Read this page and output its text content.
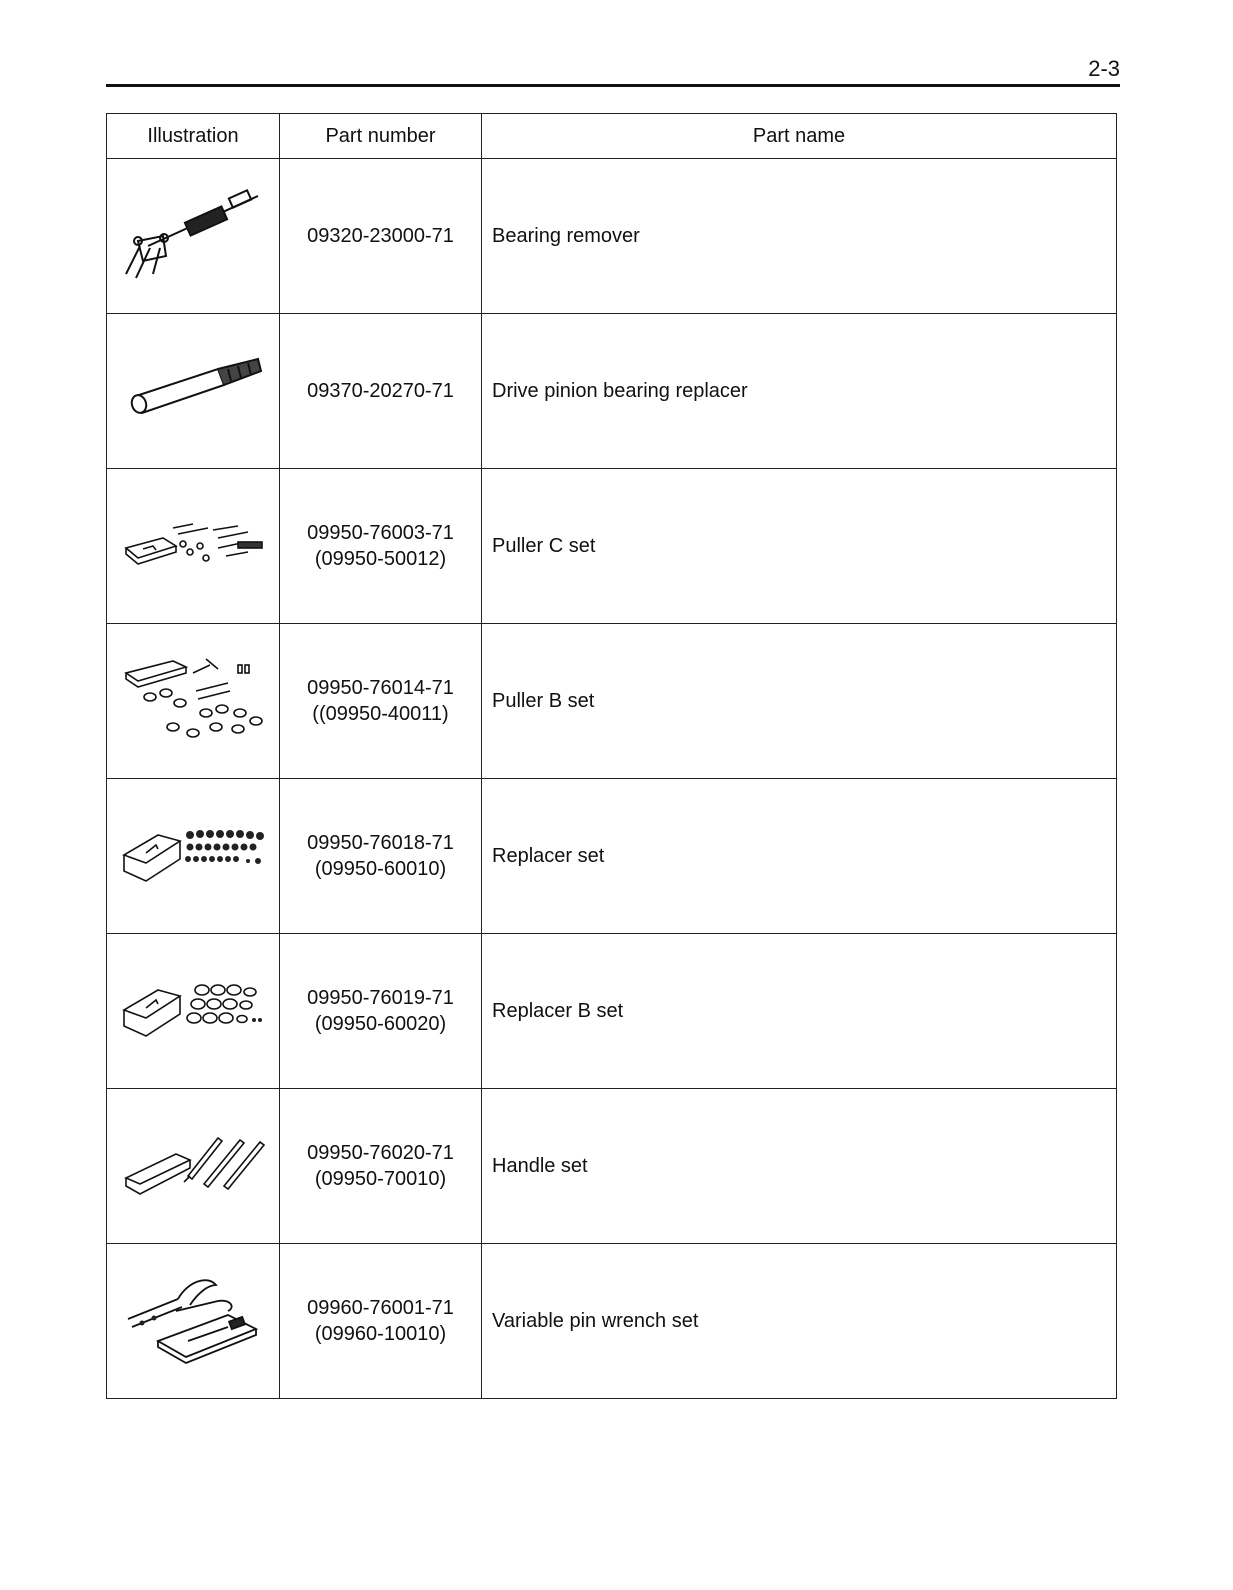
2-3
Illustration	Part number	Part name

09320-23000-71	Bearing remover

09370-20270-71	Drive pinion bearing replacer

09950-76003-71
(09950-50012)	Puller C set

09950-76014-71
((09950-40011)	Puller B set

09950-76018-71
(09950-60010)	Replacer set

09950-76019-71
(09950-60020)	Replacer B set

09950-76020-71
(09950-70010)	Handle set

09960-76001-71
(09960-10010)	Variable pin wrench set
